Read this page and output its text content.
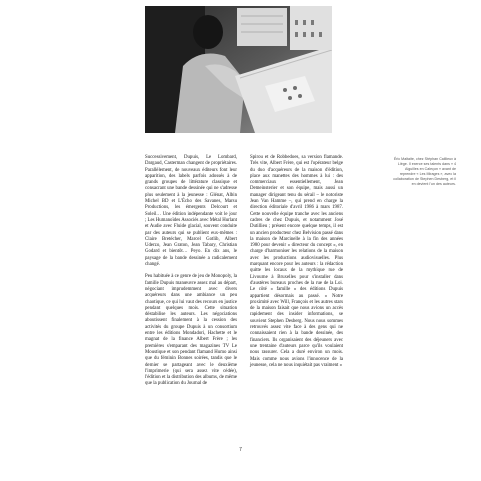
Éric Maltaite, chez Stéphan Caillieux à Liège. Il exerce ses talents dans « 4 Aiguilles en Caleçon » avant de reprendre « Les Mirages », avec la collaboration de Stephen Desberg, et il en devient l'un des auteurs.

Successivement, Dupuis, Le Lombard, Dargaud, Casterman changent de propriétaires. Parallèlement, de nouveaux éditeurs font leur apparition, des labels parfois adossés à de grands groupes de littérature classique et consacrant une bande dessinée qui ne s'adresse plus seulement à la jeunesse : Glénat, Albin Michel BD et L'Écho des Savanes, Marsu Productions, les émergents Delcourt et Soleil… Une édition indépendante voit le jour ; Les Humanoïdes Associés avec Métal Hurlant et Audie avec Fluide glacial, souvent conduite par des auteurs qui se publient eux-mêmes : Claire Bretécher, Marcel Gotlib, Albert Uderzo, Jean Graton, Jean Tabary, Christian Godard et bientôt… Peyo. En dix ans, le paysage de la bande dessinée a radicalement changé.

Peu habituée à ce genre de jeu de Monopoly, la famille Dupuis manœuvre assez mal au départ, négociant imprudemment avec divers acquéreurs dans une ambiance un peu chaotique, ce qui lui vaut des recours en justice pendant quelques mois. Cette situation déstabilise les auteurs. Les négociations aboutissent finalement à la cession des activités du groupe Dupuis à un consortium entre les éditions Mondadori, Hachette et le magnat de la finance Albert Frère ; les premières s'emparant des magazines TV Le Moustique et son pendant flamand Humo ainsi que du féminin Bonnes soirées, tandis que le dernier se partageant avec le deuxième l'imprimerie (qui sera assez vite cédée), l'édition et la distribution des albums, de même que la publication du Journal de

Spirou et de Robbedoes, sa version flamande. Très vite, Albert Frère, qui est l'opérateur belge du duo d'acquéreurs de la maison d'édition, place aux manettes des hommes à lui : des commerciaux essentiellement, Jean Demeinsterier et son équipe, mais aussi un manager dirigeant tenu du sérail – le notoriste Jean Van Hamme –, qui prend en charge la direction éditoriale d'avril 1986 à mars 1987. Cette nouvelle équipe tranche avec les anciens cadres de chez Dupuis, et notamment José Dutillieu ; présent encore quelque temps, il est un ancien producteur chez Belvision passé dans la maison de Marcinelle à la fin des années 1980 pour devenir « directeur du concept », en charge d'harmoniser les relations de la maison avec les productions audiovisuelles. Plus marquant encore pour les auteurs : la rédaction quitte les locaux de la mythique rue de Livourne à Bruxelles pour s'installer dans d'austères bureaux proches de la rue de la Loi. Le côté « famille » des éditions Dupuis appartient désormais au passé. « Notre proximité avec Will, François et les autres stars de la maison faisait que nous avions un accès rapidement des insider informations, se souvient Stephen Desberg. Nous nous sommes retrouvés assez vite face à des gens qui ne connaissaient rien à la bande dessinée, des financiers. Ils organisaient des déjeuners avec une trentaine d'auteurs parce qu'ils voulaient nous rassurer. Cela a duré environ un mois. Mais comme nous avions l'innocence de la jeunesse, cela ne nous inquiétait pas vraiment »

7
